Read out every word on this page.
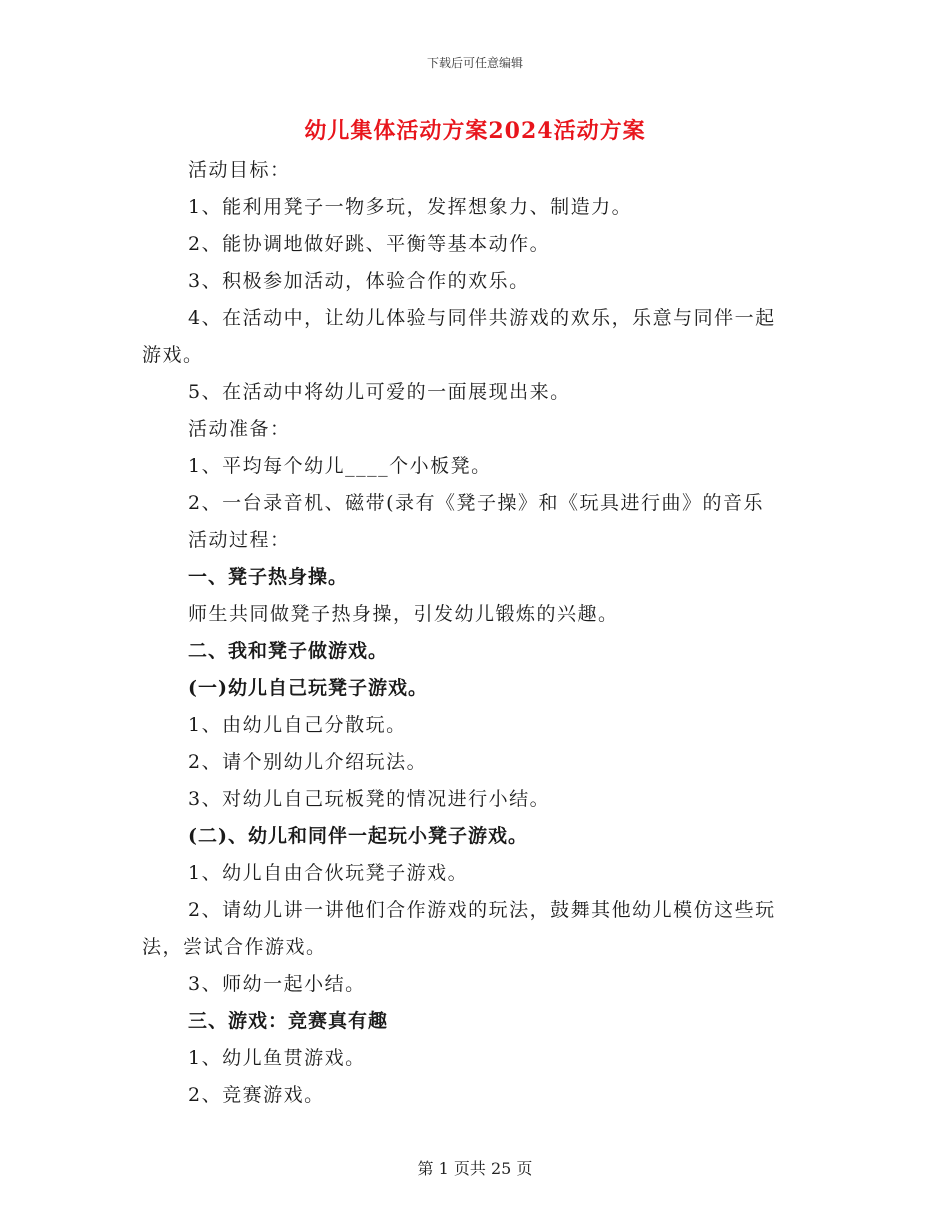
下载后可任意编辑
幼儿集体活动方案2024活动方案
活动目标：
1、能利用凳子一物多玩，发挥想象力、制造力。
2、能协调地做好跳、平衡等基本动作。
3、积极参加活动，体验合作的欢乐。
4、在活动中，让幼儿体验与同伴共游戏的欢乐，乐意与同伴一起
游戏。
5、在活动中将幼儿可爱的一面展现出来。
活动准备：
1、平均每个幼儿____个小板凳。
2、一台录音机、磁带(录有《凳子操》和《玩具进行曲》的音乐
活动过程：
一、凳子热身操。
师生共同做凳子热身操，引发幼儿锻炼的兴趣。
二、我和凳子做游戏。
(一)幼儿自己玩凳子游戏。
1、由幼儿自己分散玩。
2、请个别幼儿介绍玩法。
3、对幼儿自己玩板凳的情况进行小结。
(二)、幼儿和同伴一起玩小凳子游戏。
1、幼儿自由合伙玩凳子游戏。
2、请幼儿讲一讲他们合作游戏的玩法，鼓舞其他幼儿模仿这些玩
法，尝试合作游戏。
3、师幼一起小结。
三、游戏：竞赛真有趣
1、幼儿鱼贯游戏。
2、竞赛游戏。
第 1 页共 25 页
